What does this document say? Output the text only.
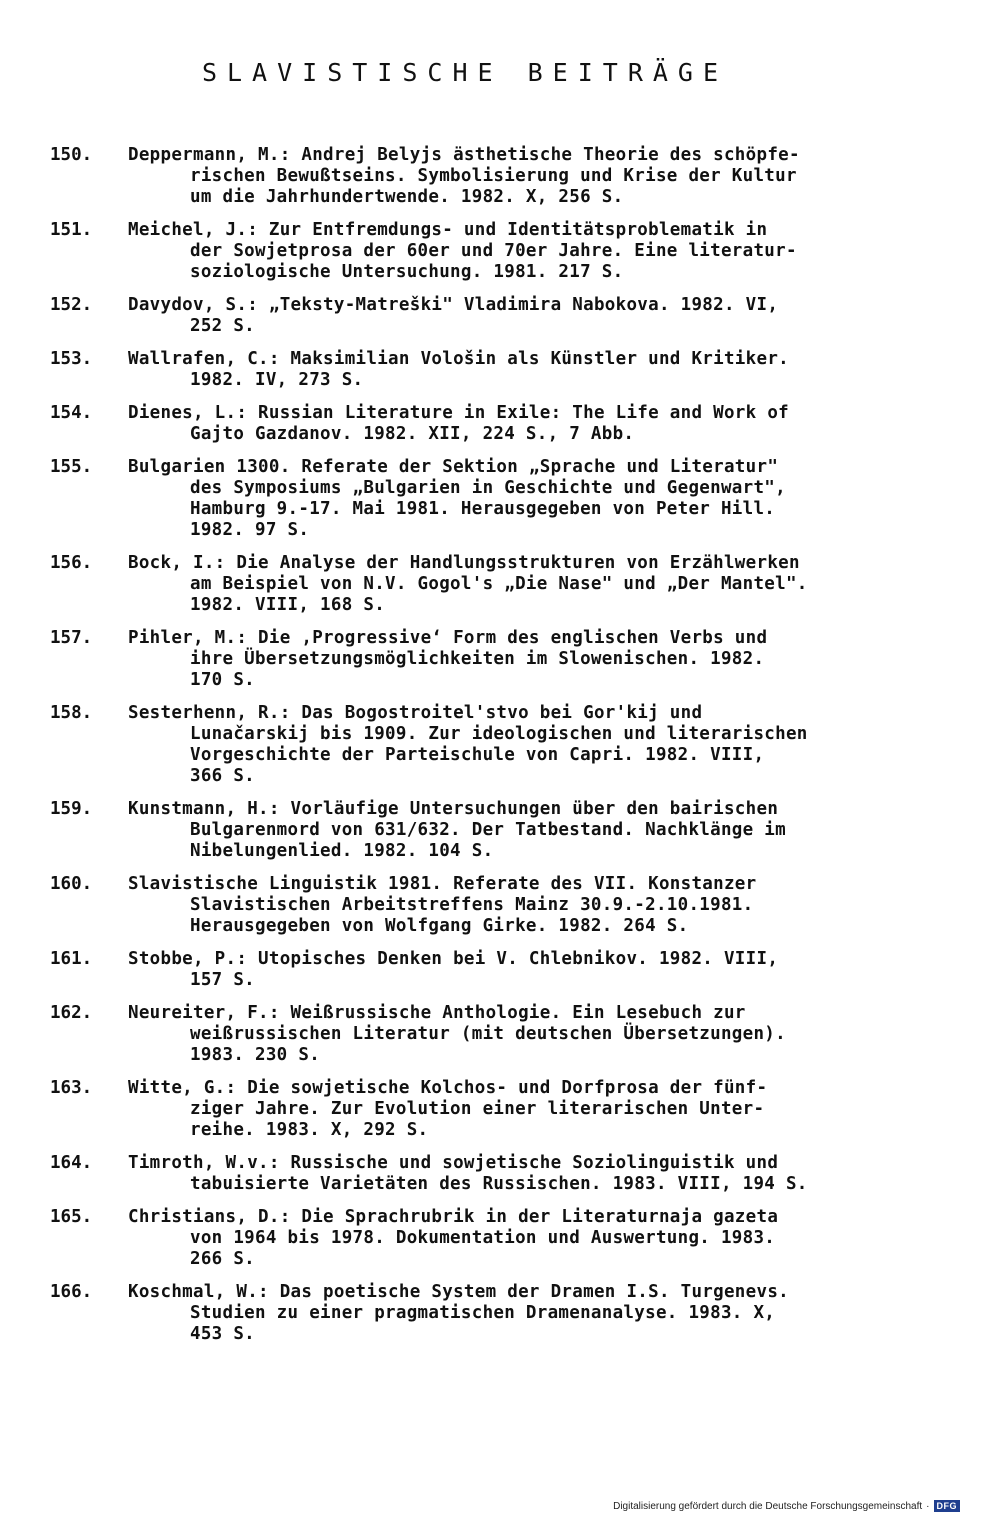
SLAVISTISCHE BEITRÄGE
150. Deppermann, M.: Andrej Belyjs ästhetische Theorie des schöpfe-
rischen Bewußtseins. Symbolisierung und Krise der Kultur
um die Jahrhundertwende. 1982. X, 256 S.
151. Meichel, J.: Zur Entfremdungs- und Identitätsproblematik in
der Sowjetprosa der 60er und 70er Jahre. Eine literatur-
soziologische Untersuchung. 1981. 217 S.
152. Davydov, S.: „Teksty-Matreški" Vladimira Nabokova. 1982. VI,
252 S.
153. Wallrafen, C.: Maksimilian Vološin als Künstler und Kritiker.
1982. IV, 273 S.
154. Dienes, L.: Russian Literature in Exile: The Life and Work of
Gajto Gazdanov. 1982. XII, 224 S., 7 Abb.
155. Bulgarien 1300. Referate der Sektion „Sprache und Literatur"
des Symposiums „Bulgarien in Geschichte und Gegenwart",
Hamburg 9.-17. Mai 1981. Herausgegeben von Peter Hill.
1982. 97 S.
156. Bock, I.: Die Analyse der Handlungsstrukturen von Erzählwerken
am Beispiel von N.V. Gogol's „Die Nase" und „Der Mantel".
1982. VIII, 168 S.
157. Pihler, M.: Die ‚Progressive‘ Form des englischen Verbs und
ihre Übersetzungsmöglichkeiten im Slowenischen. 1982.
170 S.
158. Sesterhenn, R.: Das Bogostroitel'stvo bei Gor'kij und
Lunačarskij bis 1909. Zur ideologischen und literarischen
Vorgeschichte der Parteischule von Capri. 1982. VIII,
366 S.
159. Kunstmann, H.: Vorläufige Untersuchungen über den bairischen
Bulgarenmord von 631/632. Der Tatbestand. Nachklänge im
Nibelungenlied. 1982. 104 S.
160. Slavistische Linguistik 1981. Referate des VII. Konstanzer
Slavistischen Arbeitstreffens Mainz 30.9.-2.10.1981.
Herausgegeben von Wolfgang Girke. 1982. 264 S.
161. Stobbe, P.: Utopisches Denken bei V. Chlebnikov. 1982. VIII,
157 S.
162. Neureiter, F.: Weißrussische Anthologie. Ein Lesebuch zur
weißrussischen Literatur (mit deutschen Übersetzungen).
1983. 230 S.
163. Witte, G.: Die sowjetische Kolchos- und Dorfprosa der fünf-
ziger Jahre. Zur Evolution einer literarischen Unter-
reihe. 1983. X, 292 S.
164. Timroth, W.v.: Russische und sowjetische Soziolinguistik und
tabuisierte Varietäten des Russischen. 1983. VIII, 194 S.
165. Christians, D.: Die Sprachrubrik in der Literaturnaja gazeta
von 1964 bis 1978. Dokumentation und Auswertung. 1983.
266 S.
166. Koschmal, W.: Das poetische System der Dramen I.S. Turgenevs.
Studien zu einer pragmatischen Dramenanalyse. 1983. X,
453 S.
Digitalisierung gefördert durch die Deutsche Forschungsgemeinschaft · DFG
